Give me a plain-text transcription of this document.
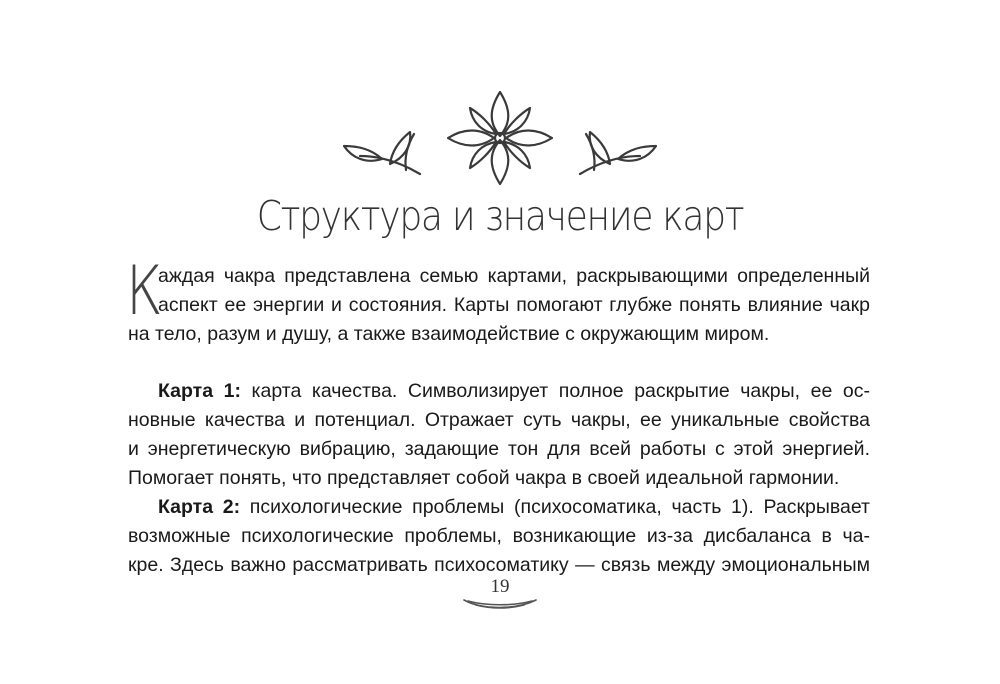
Структура и значение карт

К
аждая чакра представлена семью картами, раскрывающими определенный
аспект ее энергии и состояния. Карты помогают глубже понять влияние чакр
на тело, разум и душу, а также взаимодействие с окружающим миром.

Карта 1: карта качества. Символизирует полное раскрытие чакры, ее ос-
новные качества и потенциал. Отражает суть чакры, ее уникальные свойства
и энергетическую вибрацию, задающие тон для всей работы с этой энергией.
Помогает понять, что представляет собой чакра в своей идеальной гармонии.

Карта 2: психологические проблемы (психосоматика, часть 1). Раскрывает
возможные психологические проблемы, возникающие из-за дисбаланса в ча-
кре. Здесь важно рассматривать психосоматику — связь между эмоциональным

19
